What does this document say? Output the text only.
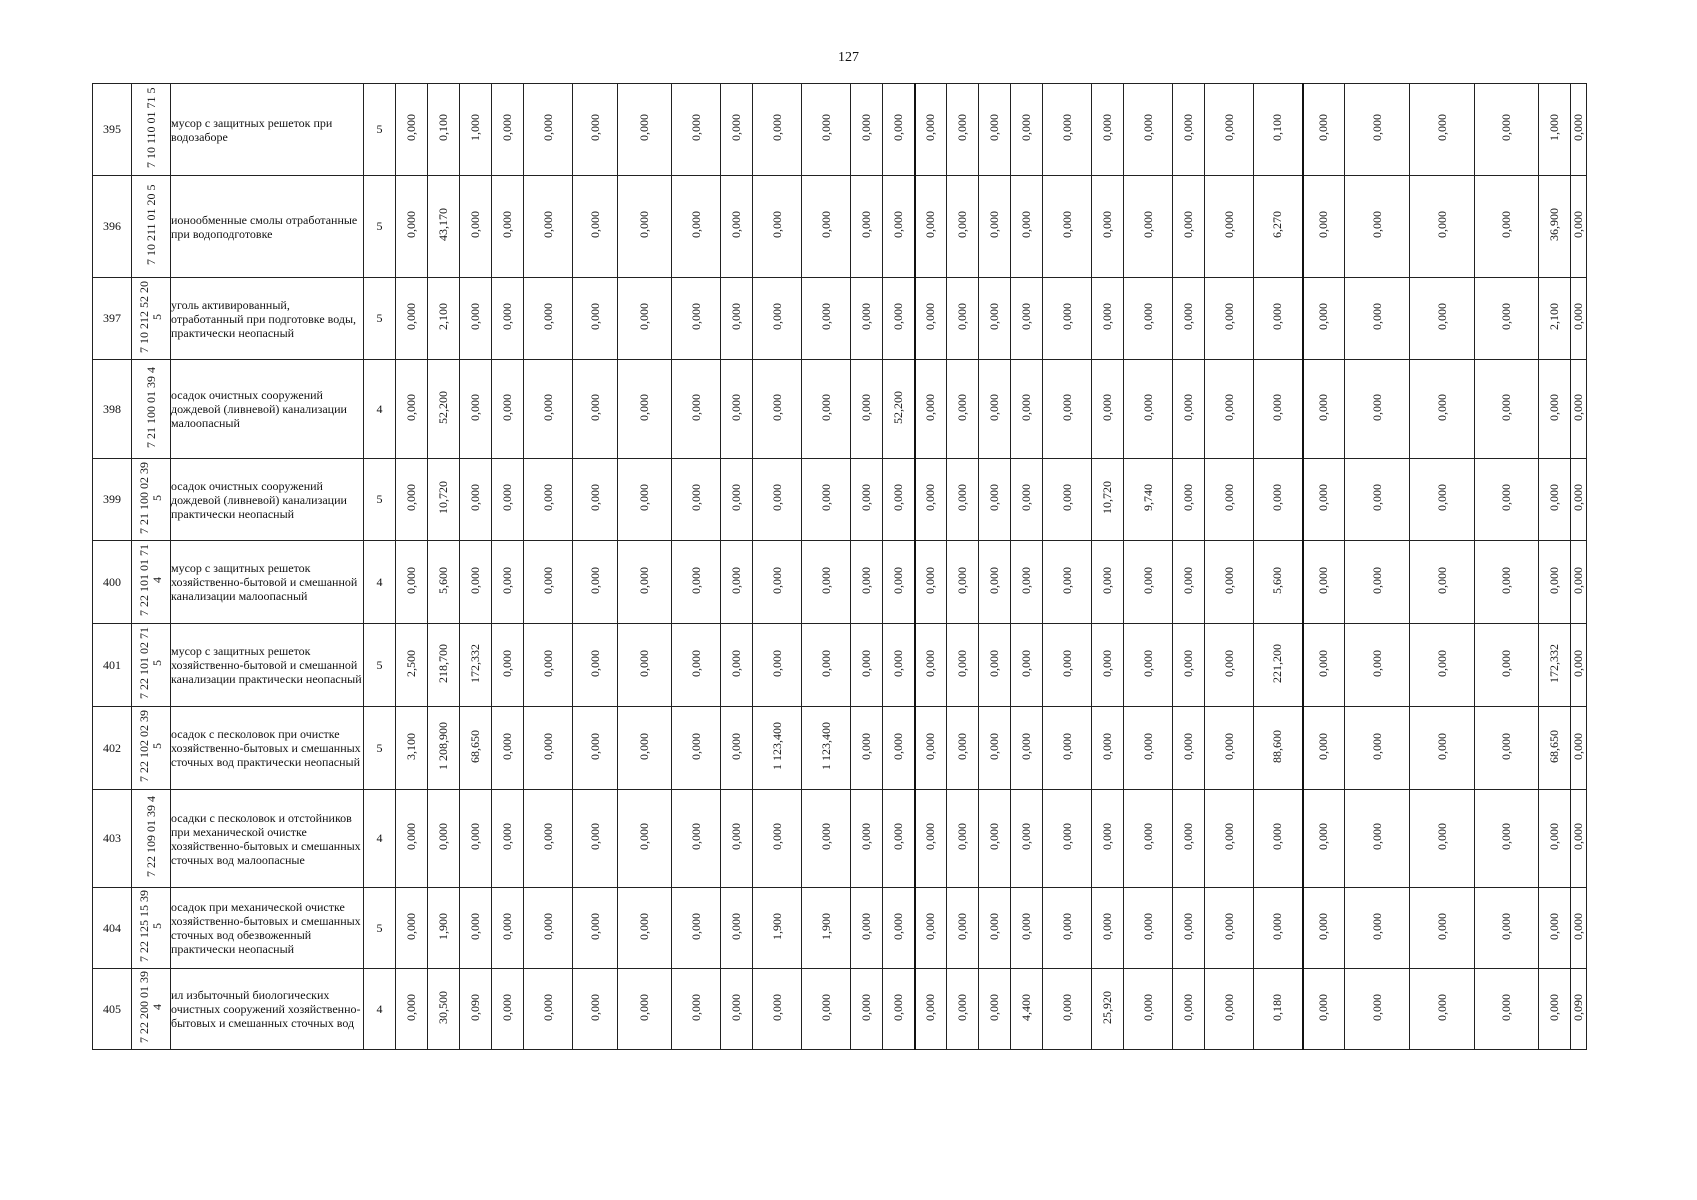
127
395	7 10 110 01 71 5	мусор с защитных решеток при водозаборе	5	0,000	0,100	1,000	0,000	0,000	0,000	0,000	0,000	0,000	0,000	0,000	0,000	0,000	0,000	0,000	0,000	0,000	0,000	0,000	0,000	0,000	0,000	0,100	0,000	0,000	0,000	0,000	1,000	0,000
396	7 10 211 01 20 5	ионообменные смолы отработанные при водоподготовке	5	0,000	43,170	0,000	0,000	0,000	0,000	0,000	0,000	0,000	0,000	0,000	0,000	0,000	0,000	0,000	0,000	0,000	0,000	0,000	0,000	0,000	0,000	6,270	0,000	0,000	0,000	0,000	36,900	0,000
397	7 10 212 52 20 5	уголь активированный, отработанный при подготовке воды, практически неопасный	5	0,000	2,100	0,000	0,000	0,000	0,000	0,000	0,000	0,000	0,000	0,000	0,000	0,000	0,000	0,000	0,000	0,000	0,000	0,000	0,000	0,000	0,000	0,000	0,000	0,000	0,000	0,000	2,100	0,000
398	7 21 100 01 39 4	осадок очистных сооружений дождевой (ливневой) канализации малоопасный	4	0,000	52,200	0,000	0,000	0,000	0,000	0,000	0,000	0,000	0,000	0,000	0,000	52,200	0,000	0,000	0,000	0,000	0,000	0,000	0,000	0,000	0,000	0,000	0,000	0,000	0,000	0,000	0,000	0,000
399	7 21 100 02 39 5	осадок очистных сооружений дождевой (ливневой) канализации практически неопасный	5	0,000	10,720	0,000	0,000	0,000	0,000	0,000	0,000	0,000	0,000	0,000	0,000	0,000	0,000	0,000	0,000	0,000	0,000	10,720	9,740	0,000	0,000	0,000	0,000	0,000	0,000	0,000	0,000	0,000
400	7 22 101 01 71 4	мусор с защитных решеток хозяйственно-бытовой и смешанной канализации малоопасный	4	0,000	5,600	0,000	0,000	0,000	0,000	0,000	0,000	0,000	0,000	0,000	0,000	0,000	0,000	0,000	0,000	0,000	0,000	0,000	0,000	0,000	0,000	5,600	0,000	0,000	0,000	0,000	0,000	0,000
401	7 22 101 02 71 5	мусор с защитных решеток хозяйственно-бытовой и смешанной канализации практически неопасный	5	2,500	218,700	172,332	0,000	0,000	0,000	0,000	0,000	0,000	0,000	0,000	0,000	0,000	0,000	0,000	0,000	0,000	0,000	0,000	0,000	0,000	0,000	221,200	0,000	0,000	0,000	0,000	172,332	0,000
402	7 22 102 02 39 5	осадок с песколовок при очистке хозяйственно-бытовых и смешанных сточных вод практически неопасный	5	3,100	1 208,900	68,650	0,000	0,000	0,000	0,000	0,000	0,000	1 123,400	1 123,400	0,000	0,000	0,000	0,000	0,000	0,000	0,000	0,000	0,000	0,000	0,000	88,600	0,000	0,000	0,000	0,000	68,650	0,000
403	7 22 109 01 39 4	осадки с песколовок и отстойников при механической очистке хозяйственно-бытовых и смешанных сточных вод малоопасные	4	0,000	0,000	0,000	0,000	0,000	0,000	0,000	0,000	0,000	0,000	0,000	0,000	0,000	0,000	0,000	0,000	0,000	0,000	0,000	0,000	0,000	0,000	0,000	0,000	0,000	0,000	0,000	0,000	0,000
404	7 22 125 15 39 5	осадок при механической очистке хозяйственно-бытовых и смешанных сточных вод обезвоженный практически неопасный	5	0,000	1,900	0,000	0,000	0,000	0,000	0,000	0,000	0,000	1,900	1,900	0,000	0,000	0,000	0,000	0,000	0,000	0,000	0,000	0,000	0,000	0,000	0,000	0,000	0,000	0,000	0,000	0,000	0,000
405	7 22 200 01 39 4	ил избыточный биологических очистных сооружений хозяйственно-бытовых и смешанных сточных вод	4	0,000	30,500	0,090	0,000	0,000	0,000	0,000	0,000	0,000	0,000	0,000	0,000	0,000	0,000	0,000	0,000	4,400	0,000	25,920	0,000	0,000	0,000	0,180	0,000	0,000	0,000	0,000	0,000	0,090
